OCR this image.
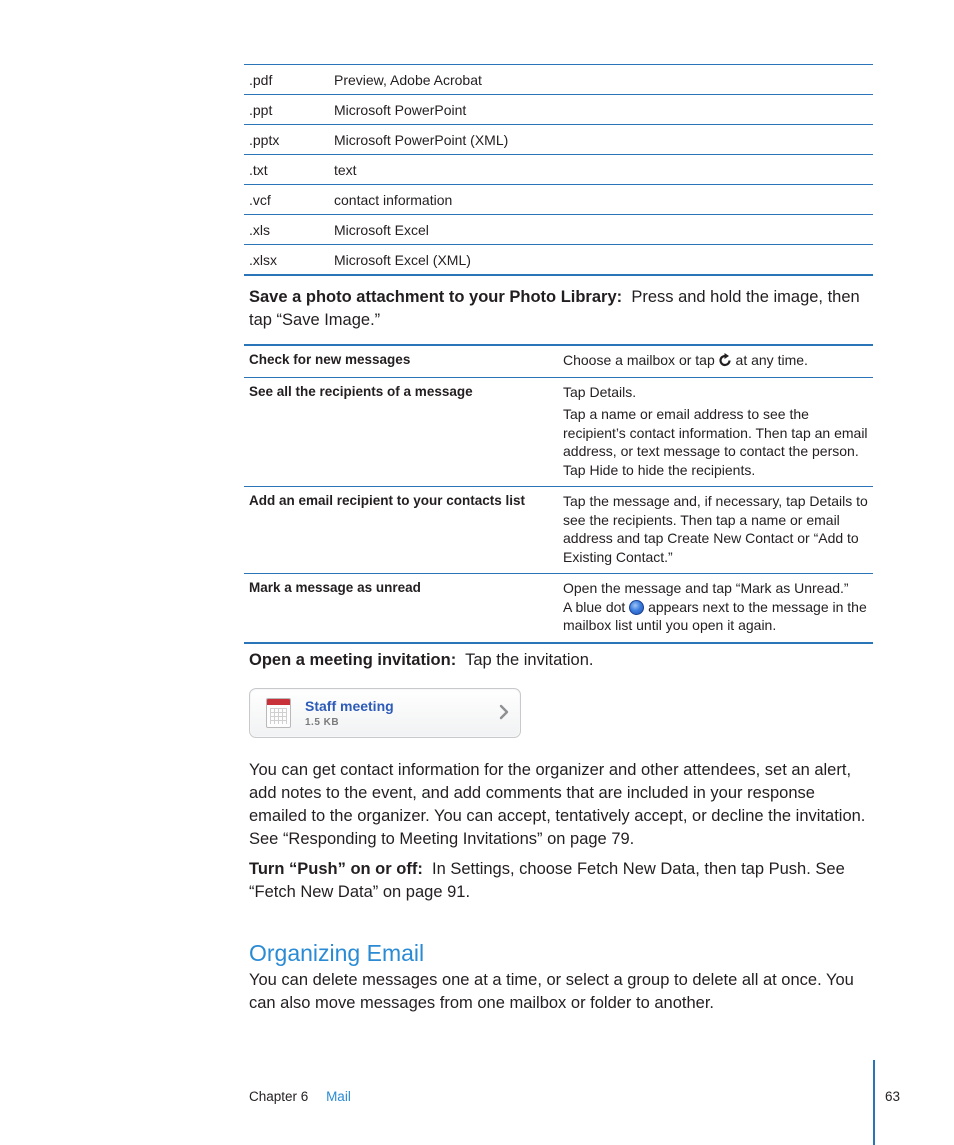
.pdf	Preview, Adobe Acrobat
.ppt	Microsoft PowerPoint
.pptx	Microsoft PowerPoint (XML)
.txt	text
.vcf	contact information
.xls	Microsoft Excel
.xlsx	Microsoft Excel (XML)
Save a photo attachment to your Photo Library: Press and hold the image, then tap “Save Image.”
Check for new messages	Choose a mailbox or tap at any time.

See all the recipients of a message	Tap Details.

Tap a name or email address to see the recipient’s contact information. Then tap an email address, or text message to contact the person. Tap Hide to hide the recipients.

Add an email recipient to your contacts list	Tap the message and, if necessary, tap Details to see the recipients. Then tap a name or email address and tap Create New Contact or “Add to Existing Contact.”

Mark a message as unread	Open the message and tap “Mark as Unread.”
A blue dot appears next to the message in the mailbox list until you open it again.

Open a meeting invitation: Tap the invitation.
Staff meeting
1.5 KB
You can get contact information for the organizer and other attendees, set an alert, add notes to the event, and add comments that are included in your response emailed to the organizer. You can accept, tentatively accept, or decline the invitation. See “Responding to Meeting Invitations” on page 79.
Turn “Push” on or off: In Settings, choose Fetch New Data, then tap Push. See “Fetch New Data” on page 91.
Organizing Email
You can delete messages one at a time, or select a group to delete all at once. You can also move messages from one mailbox or folder to another.
Chapter 6 Mail	63
